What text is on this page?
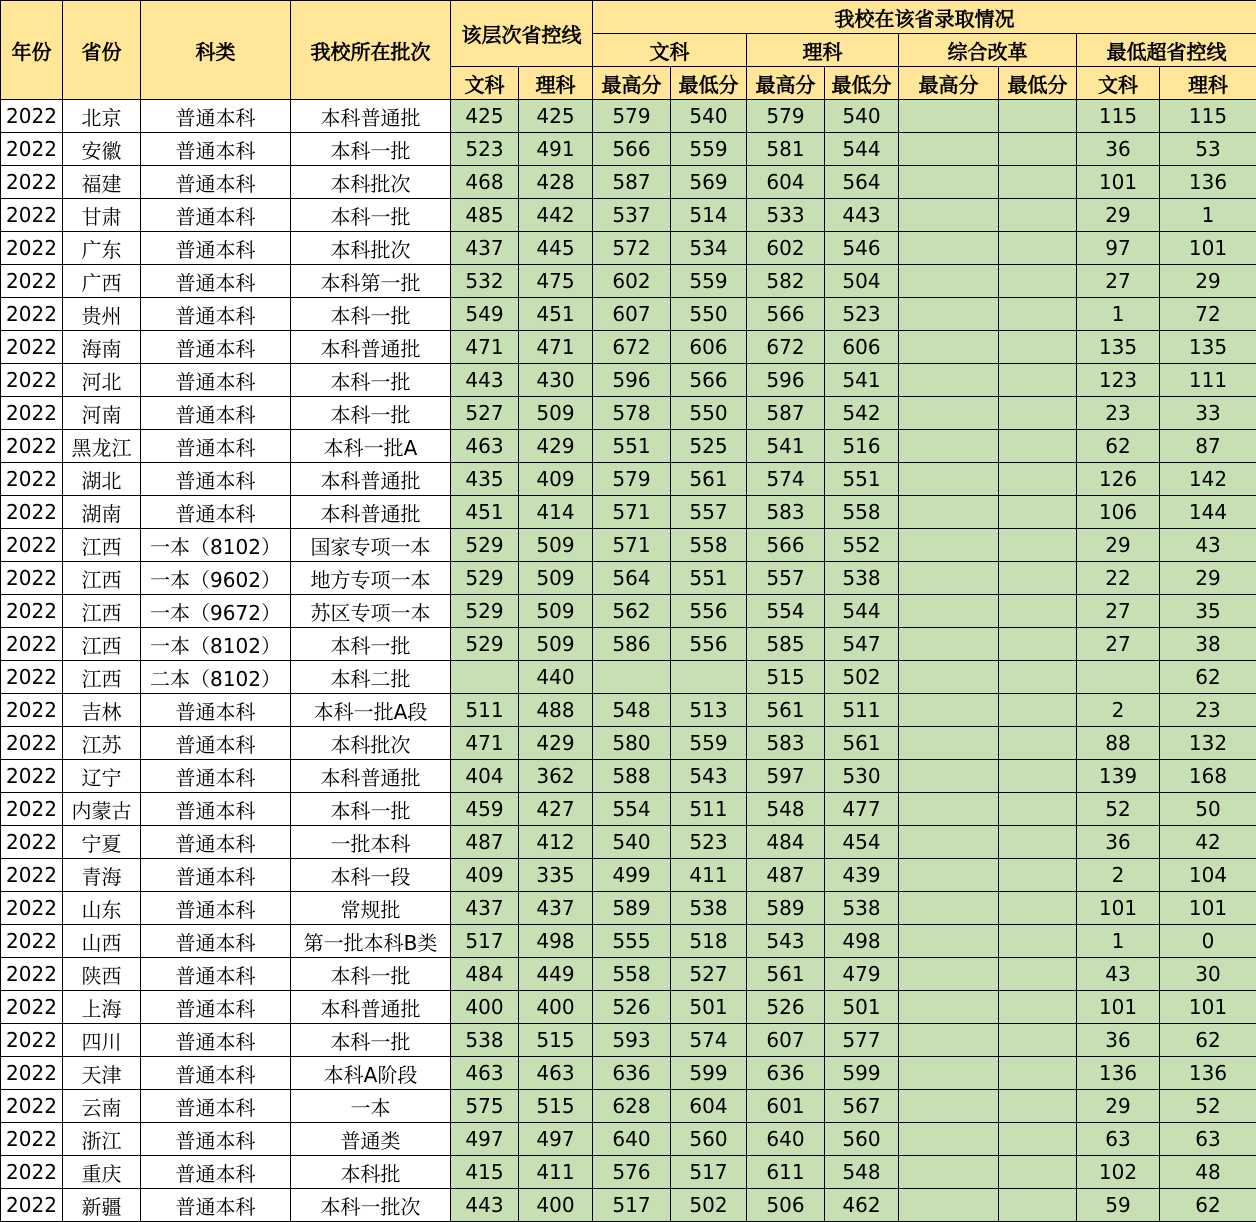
年份	省份	科类	我校所在批次	该层次省控线		我校在该省录取情况							
						文科		理科		综合改革		最低超省控线	
				文科	理科	最高分	最低分	最高分	最低分	最高分	最低分	文科	理科
2022	北京	普通本科	本科普通批	425	425	579	540	579	540			115	115
2022	安徽	普通本科	本科一批	523	491	566	559	581	544			36	53
2022	福建	普通本科	本科批次	468	428	587	569	604	564			101	136
2022	甘肃	普通本科	本科一批	485	442	537	514	533	443			29	1
2022	广东	普通本科	本科批次	437	445	572	534	602	546			97	101
2022	广西	普通本科	本科第一批	532	475	602	559	582	504			27	29
2022	贵州	普通本科	本科一批	549	451	607	550	566	523			1	72
2022	海南	普通本科	本科普通批	471	471	672	606	672	606			135	135
2022	河北	普通本科	本科一批	443	430	596	566	596	541			123	111
2022	河南	普通本科	本科一批	527	509	578	550	587	542			23	33
2022	黑龙江	普通本科	本科一批A	463	429	551	525	541	516			62	87
2022	湖北	普通本科	本科普通批	435	409	579	561	574	551			126	142
2022	湖南	普通本科	本科普通批	451	414	571	557	583	558			106	144
2022	江西	一本（8102）	国家专项一本	529	509	571	558	566	552			29	43
2022	江西	一本（9602）	地方专项一本	529	509	564	551	557	538			22	29
2022	江西	一本（9672）	苏区专项一本	529	509	562	556	554	544			27	35
2022	江西	一本（8102）	本科一批	529	509	586	556	585	547			27	38
2022	江西	二本（8102）	本科二批		440			515	502				62
2022	吉林	普通本科	本科一批A段	511	488	548	513	561	511			2	23
2022	江苏	普通本科	本科批次	471	429	580	559	583	561			88	132
2022	辽宁	普通本科	本科普通批	404	362	588	543	597	530			139	168
2022	内蒙古	普通本科	本科一批	459	427	554	511	548	477			52	50
2022	宁夏	普通本科	一批本科	487	412	540	523	484	454			36	42
2022	青海	普通本科	本科一段	409	335	499	411	487	439			2	104
2022	山东	普通本科	常规批	437	437	589	538	589	538			101	101
2022	山西	普通本科	第一批本科B类	517	498	555	518	543	498			1	0
2022	陕西	普通本科	本科一批	484	449	558	527	561	479			43	30
2022	上海	普通本科	本科普通批	400	400	526	501	526	501			101	101
2022	四川	普通本科	本科一批	538	515	593	574	607	577			36	62
2022	天津	普通本科	本科A阶段	463	463	636	599	636	599			136	136
2022	云南	普通本科	一本	575	515	628	604	601	567			29	52
2022	浙江	普通本科	普通类	497	497	640	560	640	560			63	63
2022	重庆	普通本科	本科批	415	411	576	517	611	548			102	48
2022	新疆	普通本科	本科一批次	443	400	517	502	506	462			59	62
